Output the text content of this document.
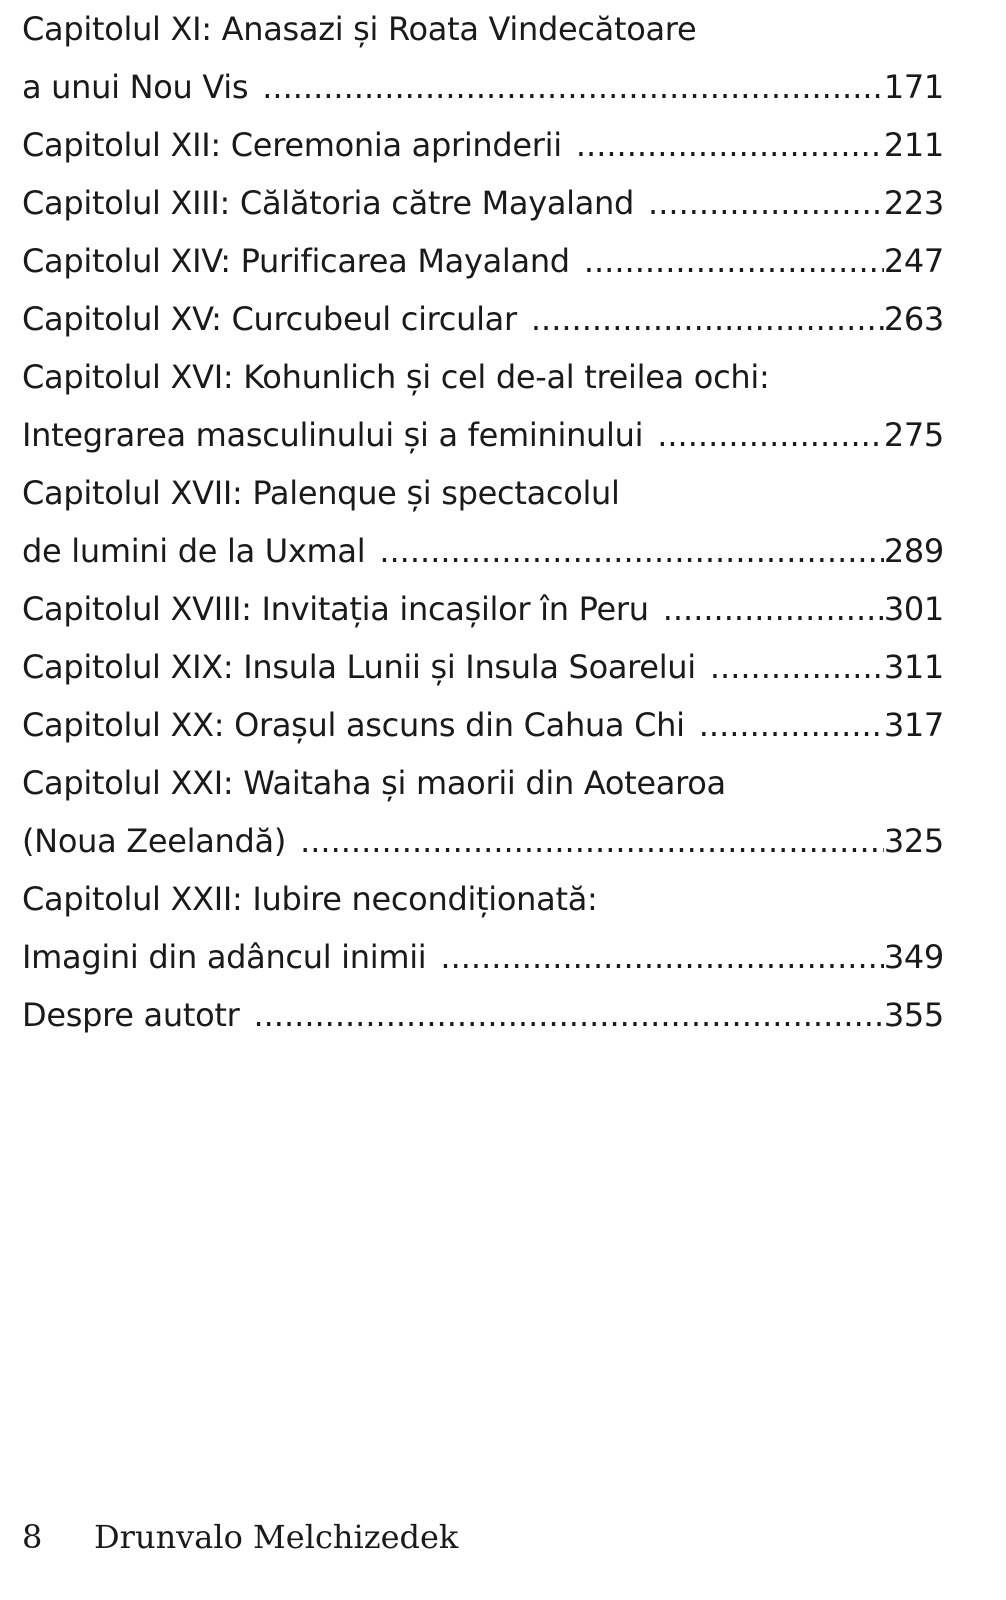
Capitolul XI: Anasazi și Roata Vindecătoare
a unui Nou Vis .....	171
Capitolul XII: Ceremonia aprinderii .....	211
Capitolul XIII: Călătoria către Mayaland .....	223
Capitolul XIV: Purificarea Mayaland .....	247
Capitolul XV: Curcubeul circular .....	263
Capitolul XVI: Kohunlich și cel de-al treilea ochi:
Integrarea masculinului și a femininului .....	275
Capitolul XVII: Palenque și spectacolul
de lumini de la Uxmal .....	289
Capitolul XVIII: Invitația incașilor în Peru .....	301
Capitolul XIX: Insula Lunii și Insula Soarelui .....	311
Capitolul XX: Orașul ascuns din Cahua Chi .....	317
Capitolul XXI: Waitaha și maorii din Aotearoa
(Noua Zeelandă) .....	325
Capitolul XXII: Iubire necondiționată:
Imagini din adâncul inimii .....	349
Despre autotr .....	355
8 Drunvalo Melchizedek
